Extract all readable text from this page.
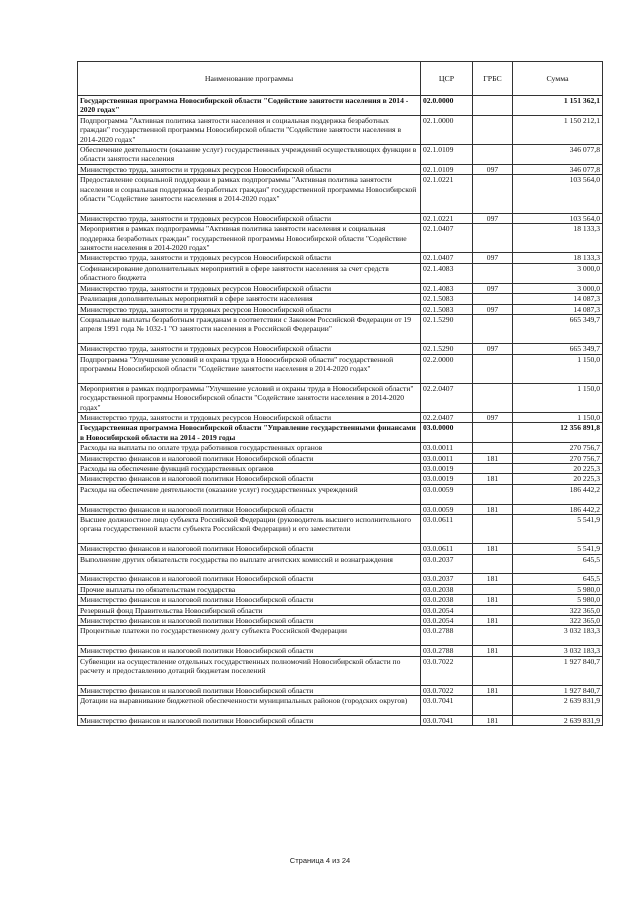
Наименование программы	ЦСР	ГРБС	Сумма
Государственная программа Новосибирской области "Содействие занятости населения в 2014 - 2020 годах"	02.0.0000		1 151 362,1
Подпрограмма "Активная политика занятости населения и социальная поддержка безработных граждан" государственной программы Новосибирской области "Содействие занятости населения в 2014-2020 годах"	02.1.0000		1 150 212,1
Обеспечение деятельности (оказание услуг) государственных учреждений осуществляющих функции в области занятости населения	02.1.0109		346 077,8
Министерство труда, занятости и трудовых ресурсов Новосибирской области	02.1.0109	097	346 077,8
Предоставление социальной поддержки в рамках подпрограммы "Активная политика занятости населения и социальная поддержка безработных граждан" государственной программы Новосибирской области "Содействие занятости населения в 2014-2020 годах"	02.1.0221		103 564,0
Министерство труда, занятости и трудовых ресурсов Новосибирской области	02.1.0221	097	103 564,0
Мероприятия в рамках подпрограммы "Активная политика занятости населения и социальная поддержка безработных граждан" государственной программы Новосибирской области "Содействие занятости населения в 2014-2020 годах"	02.1.0407		18 133,3
Министерство труда, занятости и трудовых ресурсов Новосибирской области	02.1.0407	097	18 133,3
Софинансирование дополнительных мероприятий в сфере занятости населения за счет средств областного бюджета	02.1.4083		3 000,0
Министерство труда, занятости и трудовых ресурсов Новосибирской области	02.1.4083	097	3 000,0
Реализация дополнительных мероприятий в сфере занятости населения	02.1.5083		14 087,3
Министерство труда, занятости и трудовых ресурсов Новосибирской области	02.1.5083	097	14 087,3
Социальные выплаты безработным гражданам в соответствии с Законом Российской Федерации от 19 апреля 1991 года № 1032-1 "О занятости населения в Российской Федерации"	02.1.5290		665 349,7
Министерство труда, занятости и трудовых ресурсов Новосибирской области	02.1.5290	097	665 349,7
Подпрограмма "Улучшение условий и охраны труда в Новосибирской области" государственной программы Новосибирской области "Содействие занятости населения в 2014-2020 годах"	02.2.0000		1 150,0
Мероприятия в рамках подпрограммы "Улучшение условий и охраны труда в Новосибирской области" государственной программы Новосибирской области "Содействие занятости населения в 2014-2020 годах"	02.2.0407		1 150,0
Министерство труда, занятости и трудовых ресурсов Новосибирской области	02.2.0407	097	1 150,0
Государственная программа Новосибирской области "Управление государственными финансами в Новосибирской области на 2014 - 2019 годы	03.0.0000		12 356 891,8
Расходы на выплаты по оплате труда работников государственных органов	03.0.0011		270 756,7
Министерство финансов и налоговой политики Новосибирской области	03.0.0011	181	270 756,7
Расходы на обеспечение функций государственных органов	03.0.0019		20 225,3
Министерство финансов и налоговой политики Новосибирской области	03.0.0019	181	20 225,3
Расходы на обеспечение деятельности (оказание услуг) государственных учреждений	03.0.0059		186 442,2
Министерство финансов и налоговой политики Новосибирской области	03.0.0059	181	186 442,2
Высшее должностное лицо субъекта Российской Федерации (руководитель высшего исполнительного органа государственной власти субъекта Российской Федерации) и его заместители	03.0.0611		5 541,9
Министерство финансов и налоговой политики Новосибирской области	03.0.0611	181	5 541,9
Выполнение других обязательств государства по выплате агентских комиссий и вознаграждения	03.0.2037		645,5
Министерство финансов и налоговой политики Новосибирской области	03.0.2037	181	645,5
Прочие выплаты по обязательствам государства	03.0.2038		5 980,0
Министерство финансов и налоговой политики Новосибирской области	03.0.2038	181	5 980,0
Резервный фонд Правительства Новосибирской области	03.0.2054		322 365,0
Министерство финансов и налоговой политики Новосибирской области	03.0.2054	181	322 365,0
Процентные платежи по государственному долгу субъекта Российской Федерации	03.0.2788		3 032 183,3
Министерство финансов и налоговой политики Новосибирской области	03.0.2788	181	3 032 183,3
Субвенции на осуществление отдельных государственных полномочий Новосибирской области по расчету и предоставлению дотаций бюджетам поселений	03.0.7022		1 927 840,7
Министерство финансов и налоговой политики Новосибирской области	03.0.7022	181	1 927 840,7
Дотации на выравнивание бюджетной обеспеченности муниципальных районов (городских округов)	03.0.7041		2 639 831,9
Министерство финансов и налоговой политики Новосибирской области	03.0.7041	181	2 639 831,9
Страница 4 из 24
